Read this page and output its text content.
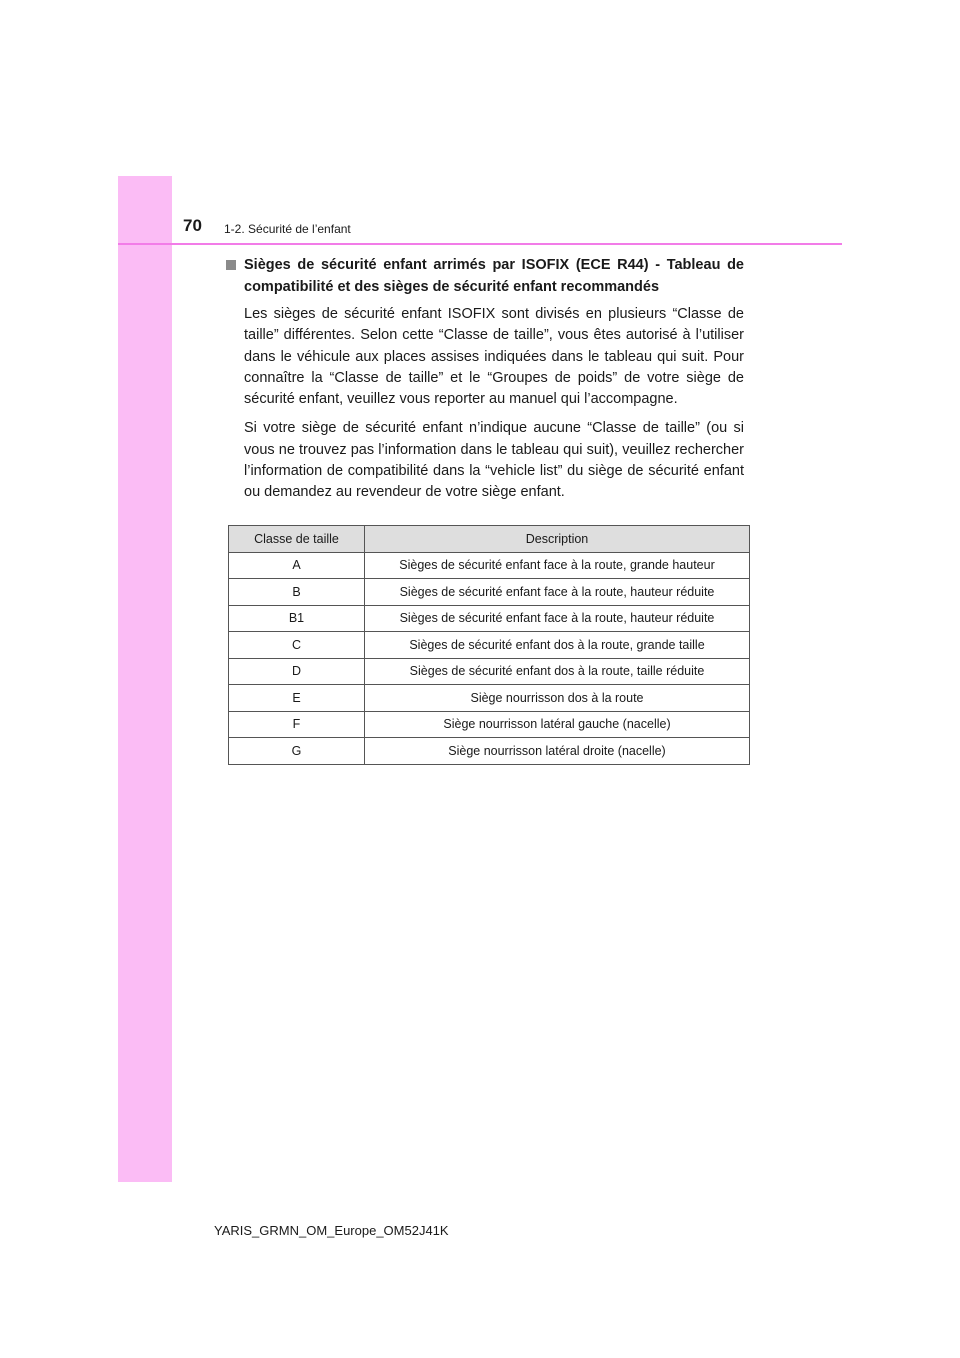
70 1-2. Sécurité de l’enfant

Sièges de sécurité enfant arrimés par ISOFIX (ECE R44) - Tableau de compatibilité et des sièges de sécurité enfant recommandés

Les sièges de sécurité enfant ISOFIX sont divisés en plusieurs “Classe de taille” différentes. Selon cette “Classe de taille”, vous êtes autorisé à l’utiliser dans le véhicule aux places assises indiquées dans le tableau qui suit. Pour connaître la “Classe de taille” et le “Groupes de poids” de votre siège de sécurité enfant, veuillez vous reporter au manuel qui l’accompagne.

Si votre siège de sécurité enfant n’indique aucune “Classe de taille” (ou si vous ne trouvez pas l’information dans le tableau qui suit), veuillez rechercher l’information de compatibilité dans la “vehicle list” du siège de sécurité enfant ou demandez au revendeur de votre siège enfant.

Classe de taille	Description
A	Sièges de sécurité enfant face à la route, grande hauteur
B	Sièges de sécurité enfant face à la route, hauteur réduite
B1	Sièges de sécurité enfant face à la route, hauteur réduite
C	Sièges de sécurité enfant dos à la route, grande taille
D	Sièges de sécurité enfant dos à la route, taille réduite
E	Siège nourrisson dos à la route
F	Siège nourrisson latéral gauche (nacelle)
G	Siège nourrisson latéral droite (nacelle)
YARIS_GRMN_OM_Europe_OM52J41K
